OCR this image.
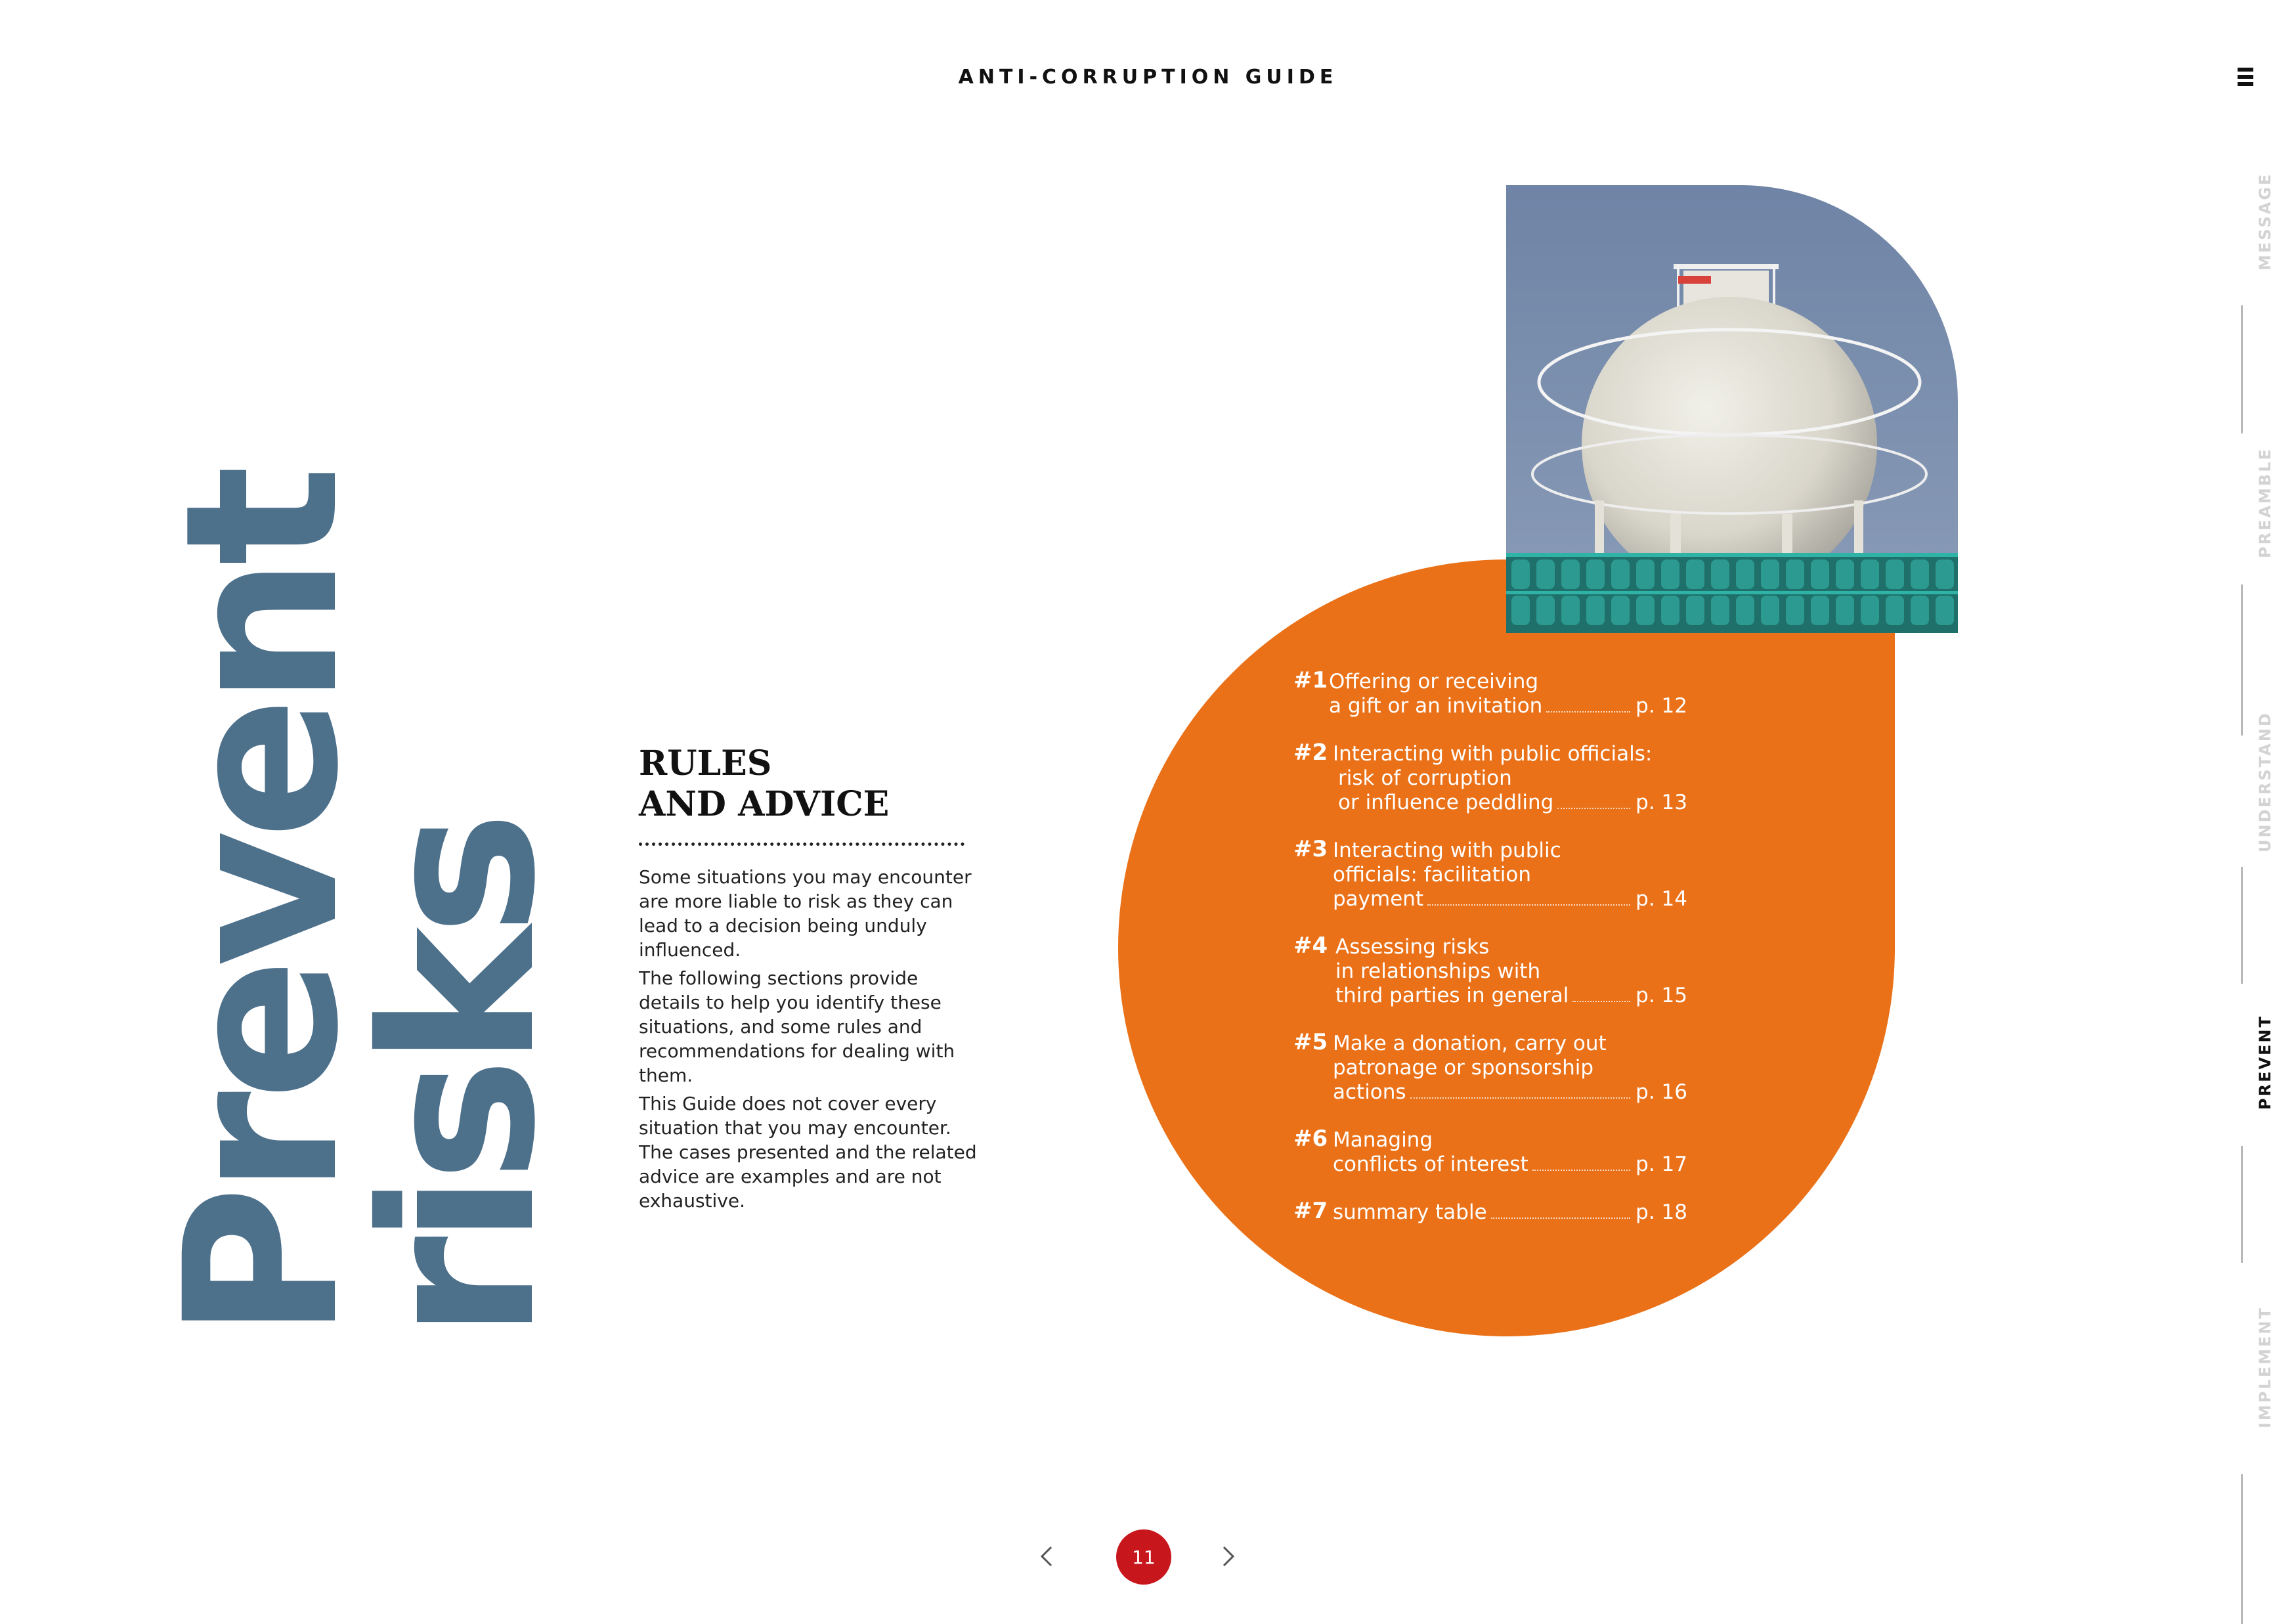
ANTI-CORRUPTION GUIDE
Prevent
risks
RULES
AND ADVICE

Some situations you may encounter are more liable to risk as they can lead to a decision being unduly influenced.

The following sections provide details to help you identify these situations, and some rules and recommendations for dealing with them.

This Guide does not cover every situation that you may encounter. The cases presented and the related advice are examples and are not exhaustive.

#1 Offering or receiving
a gift or an invitation	p. 12
#2 Interacting with public officials:
risk of corruption
or influence peddling	p. 13
#3 Interacting with public
officials: facilitation
payment	p. 14
#4 Assessing risks
in relationships with
third parties in general	p. 15
#5 Make a donation, carry out
patronage or sponsorship
actions	p. 16
#6 Managing
conflicts of interest	p. 17
#7 summary table	p. 18
11
MESSAGE
PREAMBLE
UNDERSTAND
PREVENT
IMPLEMENT
